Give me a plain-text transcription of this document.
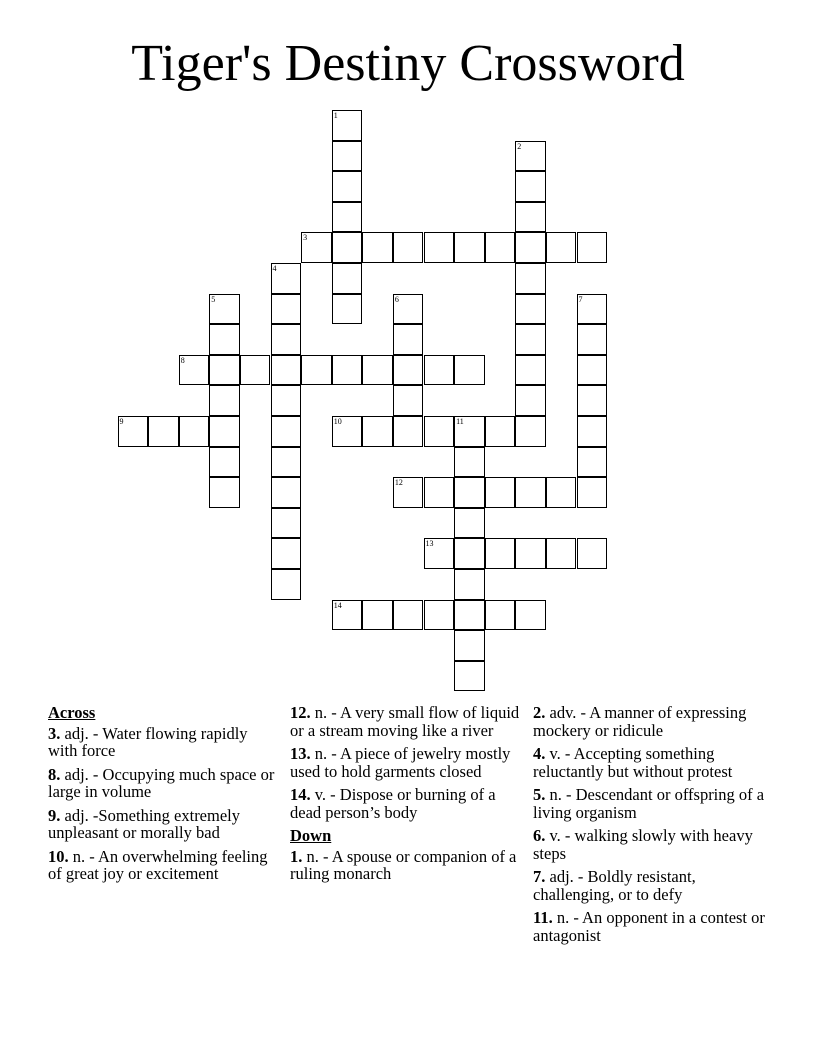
Tiger's Destiny Crossword
1
2
3
4
5	6	7
8
9	10	11
12
13
14
Across
3. adj. - Water flowing rapidly with force
8. adj. - Occupying much space or large in volume
9. adj. -Something extremely unpleasant or morally bad
10. n. - An overwhelming feeling of great joy or excitement
12. n. - A very small flow of liquid or a stream moving like a river
13. n. - A piece of jewelry mostly used to hold garments closed
14. v. - Dispose or burning of a dead person’s body
Down
1. n. - A spouse or companion of a ruling monarch
2. adv. - A manner of expressing mockery or ridicule
4. v. - Accepting something reluctantly but without protest
5. n. - Descendant or offspring of a living organism
6. v. - walking slowly with heavy steps
7. adj. - Boldly resistant, challenging, or to defy
11. n. - An opponent in a contest or antagonist
